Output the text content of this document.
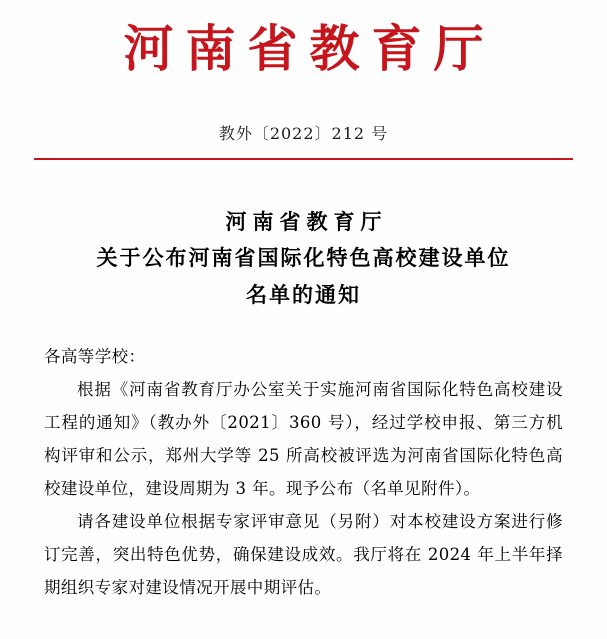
河南省教育厅
教外〔2022〕212 号
河南省教育厅
关于公布河南省国际化特色高校建设单位
名单的通知

各高等学校：

根据《河南省教育厅办公室关于实施河南省国际化特色高校建设工程的通知》（教办外〔2021〕360 号），经过学校申报、第三方机构评审和公示，郑州大学等 25 所高校被评选为河南省国际化特色高校建设单位，建设周期为 3 年。现予公布（名单见附件）。

请各建设单位根据专家评审意见（另附）对本校建设方案进行修订完善，突出特色优势，确保建设成效。我厅将在 2024 年上半年择期组织专家对建设情况开展中期评估。
